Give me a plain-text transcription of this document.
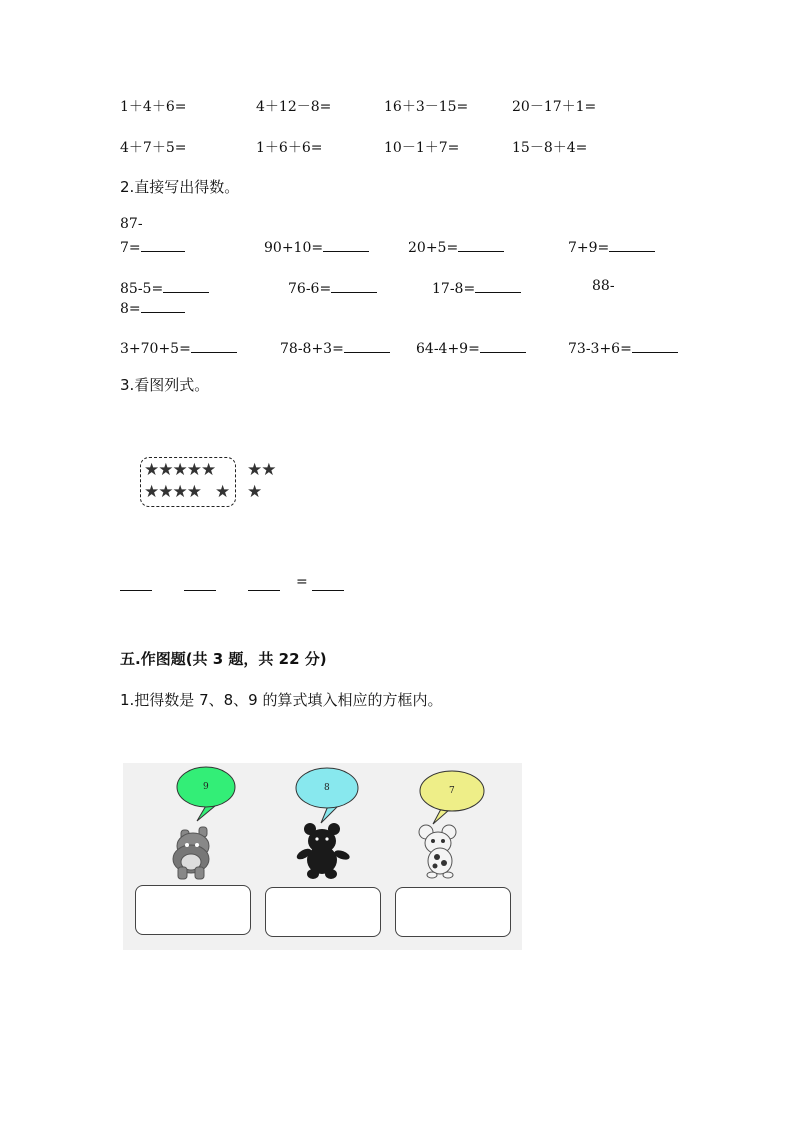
1＋4＋6=	4＋12－8=	16＋3－15=	20－17＋1=
4＋7＋5=	1＋6＋6=	10－1＋7=	15－8＋4=
2.直接写出得数。
87-
7=	90+10=	20+5=	7+9=
85-5=	76-6=	17-8=	88-
8=
3+70+5=	78-8+3=	64-4+9=	73-3+6=
3.看图列式。
★★★★★ ★★
★★★★ ★ ★
=
五.作图题(共 3 题，共 22 分)
1.把得数是 7、8、9 的算式填入相应的方框内。
9	8	7
